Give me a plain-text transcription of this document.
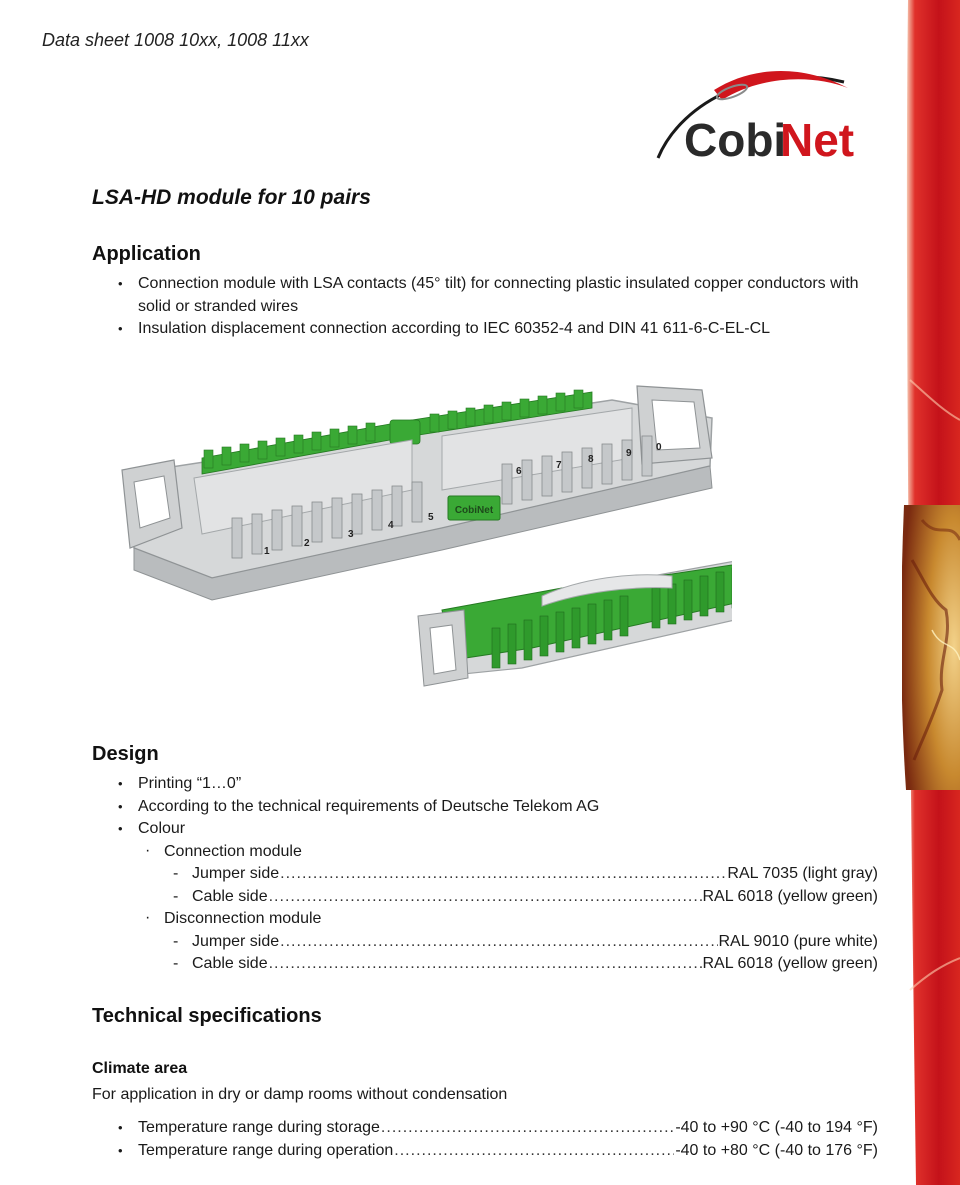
Data sheet 1008 10xx, 1008 11xx
Cobi
Net
LSA-HD module for 10 pairs
Application
• Connection module with LSA contacts (45° tilt) for connecting plastic insulated copper conductors with solid or stranded wires
• Insulation displacement connection according to IEC 60352-4 and DIN 41 611-6-C-EL-CL
CobiNet
1
2
3
4
5
6
7
8
9
0
Design
• Printing “1…0”
• According to the technical requirements of Deutsche Telekom AG
• Colour
· Connection module
- Jumper side .....	RAL 7035 (light gray)
- Cable side .....	RAL 6018 (yellow green)
· Disconnection module
- Jumper side .....	RAL 9010 (pure white)
- Cable side .....	RAL 6018 (yellow green)
Technical specifications
Climate area
For application in dry or damp rooms without condensation
• Temperature range during storage .....	-40 to +90 °C (-40 to 194 °F)
• Temperature range during operation .....	-40 to +80 °C (-40 to 176 °F)
